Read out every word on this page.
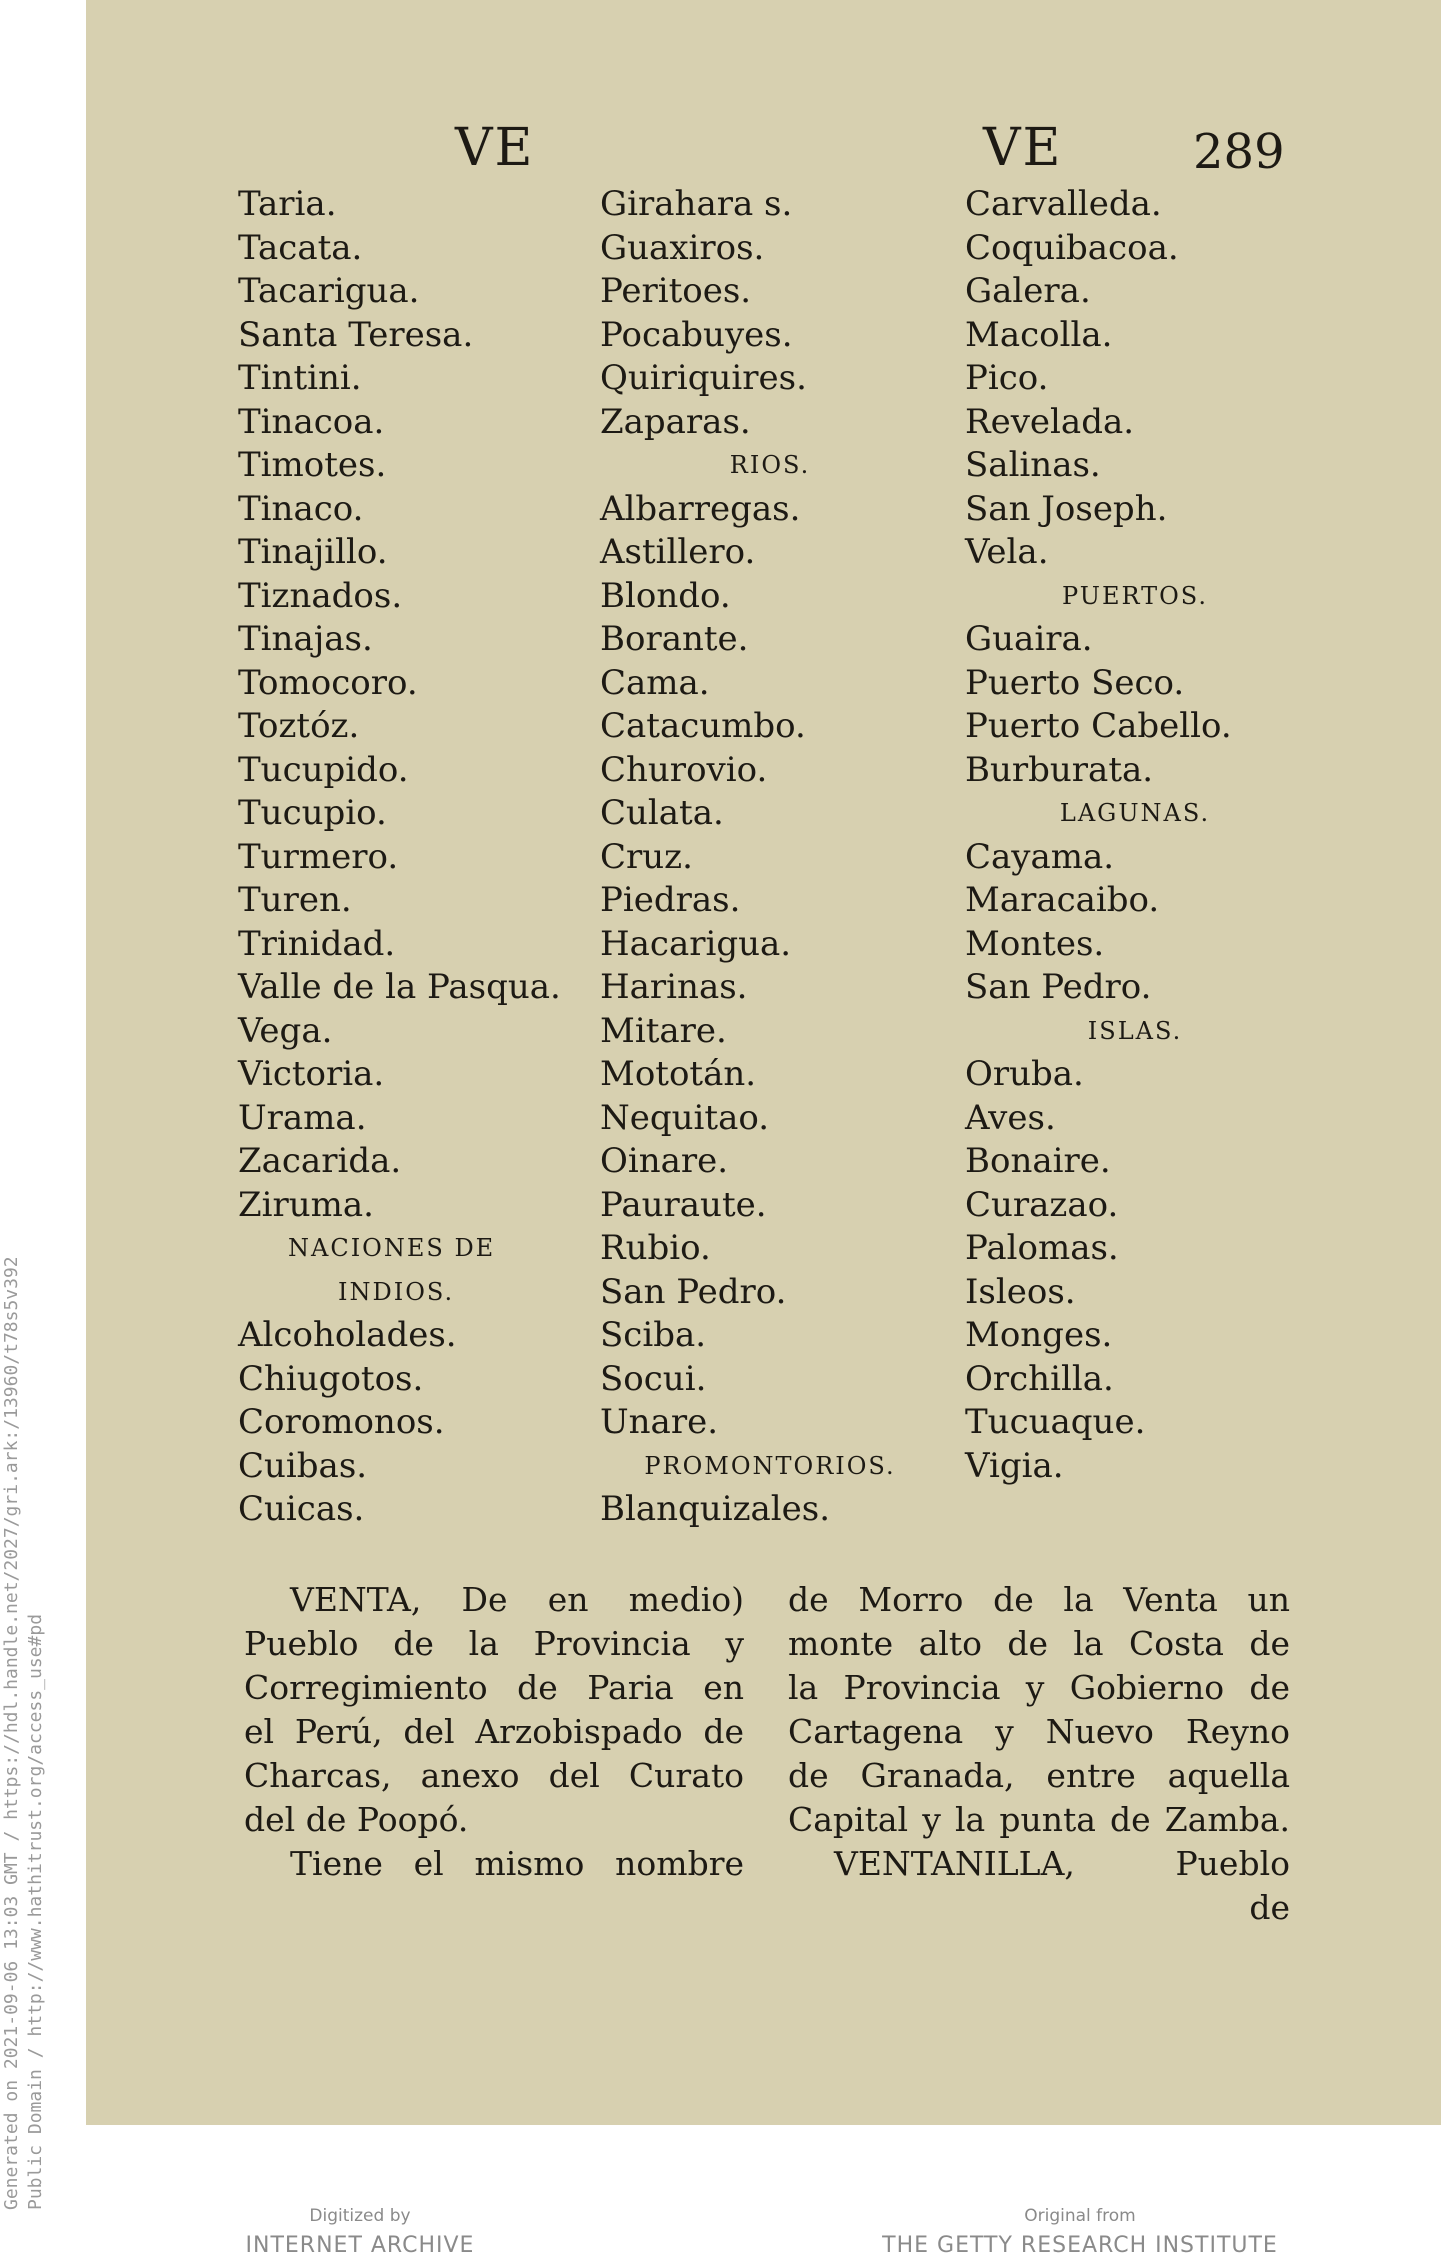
Generated on 2021-09-06 13:03 GMT / https://hdl.handle.net/2027/gri.ark:/13960/t78s5v392 Public Domain / http://www.hathitrust.org/access_use#pd
VE	VE	289
Taria.
Tacata.
Tacarigua.
Santa Teresa.
Tintini.
Tinacoa.
Timotes.
Tinaco.
Tinajillo.
Tiznados.
Tinajas.
Tomocoro.
Toztóz.
Tucupido.
Tucupio.
Turmero.
Turen.
Trinidad.
Valle de la Pasqua.
Vega.
Victoria.
Urama.
Zacarida.
Ziruma.
NACIONES DE
INDIOS.
Alcoholades.
Chiugotos.
Coromonos.
Cuibas.
Cuicas.
Girahara s.
Guaxiros.
Peritoes.
Pocabuyes.
Quiriquires.
Zaparas.
RIOS.
Albarregas.
Astillero.
Blondo.
Borante.
Cama.
Catacumbo.
Churovio.
Culata.
Cruz.
Piedras.
Hacarigua.
Harinas.
Mitare.
Mototán.
Nequitao.
Oinare.
Pauraute.
Rubio.
San Pedro.
Sciba.
Socui.
Unare.
PROMONTORIOS.
Blanquizales.
Carvalleda.
Coquibacoa.
Galera.
Macolla.
Pico.
Revelada.
Salinas.
San Joseph.
Vela.
PUERTOS.
Guaira.
Puerto Seco.
Puerto Cabello.
Burburata.
LAGUNAS.
Cayama.
Maracaibo.
Montes.
San Pedro.
ISLAS.
Oruba.
Aves.
Bonaire.
Curazao.
Palomas.
Isleos.
Monges.
Orchilla.
Tucuaque.
Vigia.
VENTA, De en medio)
Pueblo de la Provincia y
Corregimiento de Paria en
el Perú, del Arzobispado de
Charcas, anexo del Curato
del de Poopó.
Tiene el mismo nombre
de Morro de la Venta un
monte alto de la Costa de
la Provincia y Gobierno de
Cartagena y Nuevo Reyno
de Granada, entre aquella
Capital y la punta de Zamba.
VENTANILLA, Pueblo
de
Digitized by
INTERNET ARCHIVE
Original from
THE GETTY RESEARCH INSTITUTE
